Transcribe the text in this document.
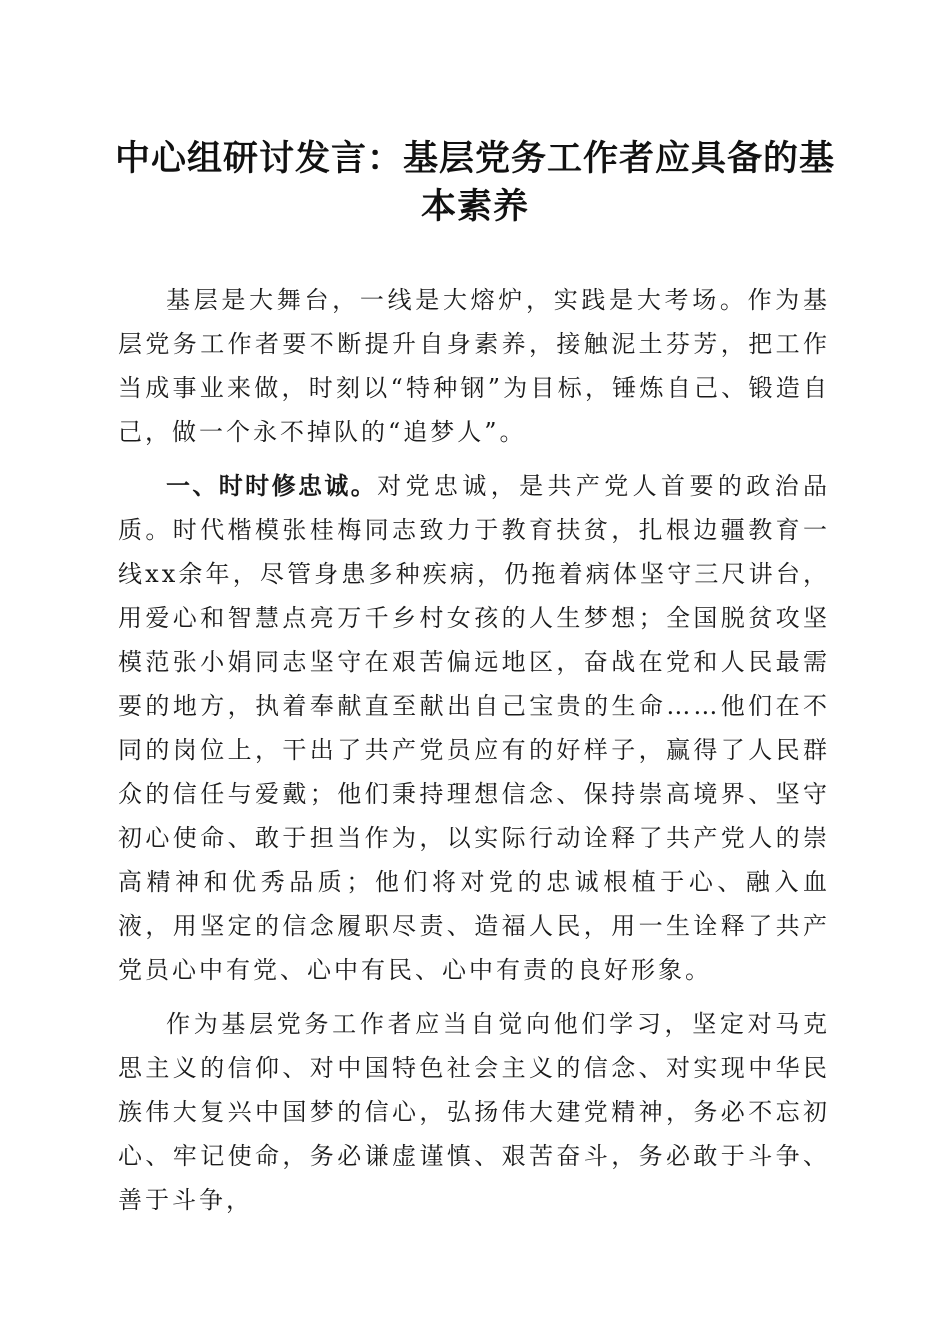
中心组研讨发言：基层党务工作者应具备的基本素养

基层是大舞台，一线是大熔炉，实践是大考场。作为基层党务工作者要不断提升自身素养，接触泥土芬芳，把工作当成事业来做，时刻以“特种钢”为目标，锤炼自己、锻造自己，做一个永不掉队的“追梦人”。

一、时时修忠诚。对党忠诚，是共产党人首要的政治品质。时代楷模张桂梅同志致力于教育扶贫，扎根边疆教育一线xx余年，尽管身患多种疾病，仍拖着病体坚守三尺讲台，用爱心和智慧点亮万千乡村女孩的人生梦想；全国脱贫攻坚模范张小娟同志坚守在艰苦偏远地区，奋战在党和人民最需要的地方，执着奉献直至献出自己宝贵的生命……他们在不同的岗位上，干出了共产党员应有的好样子，赢得了人民群众的信任与爱戴；他们秉持理想信念、保持崇高境界、坚守初心使命、敢于担当作为，以实际行动诠释了共产党人的崇高精神和优秀品质；他们将对党的忠诚根植于心、融入血液，用坚定的信念履职尽责、造福人民，用一生诠释了共产党员心中有党、心中有民、心中有责的良好形象。

作为基层党务工作者应当自觉向他们学习，坚定对马克思主义的信仰、对中国特色社会主义的信念、对实现中华民族伟大复兴中国梦的信心，弘扬伟大建党精神，务必不忘初心、牢记使命，务必谦虚谨慎、艰苦奋斗，务必敢于斗争、善于斗争，
